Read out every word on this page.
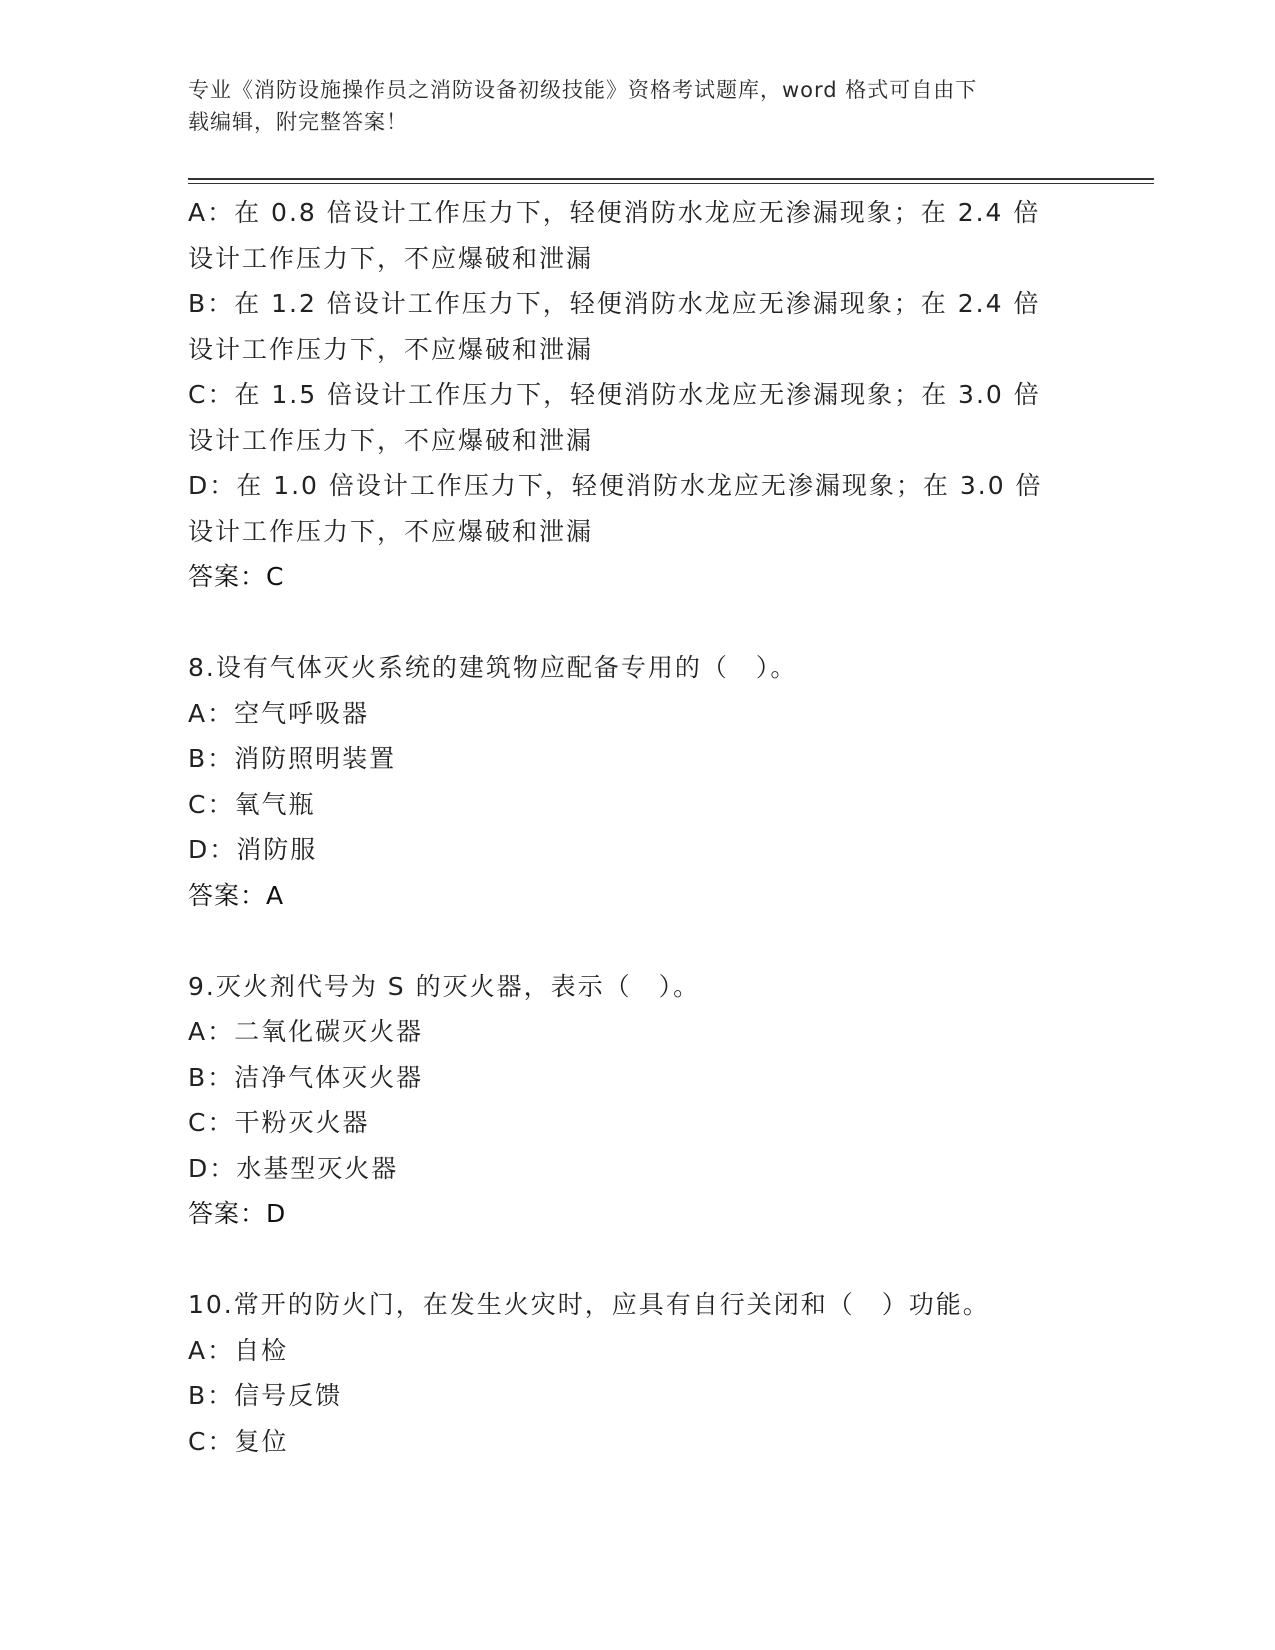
专业《消防设施操作员之消防设备初级技能》资格考试题库，word 格式可自由下
载编辑，附完整答案！
A：在 0.8 倍设计工作压力下，轻便消防水龙应无渗漏现象；在 2.4 倍
设计工作压力下，不应爆破和泄漏
B：在 1.2 倍设计工作压力下，轻便消防水龙应无渗漏现象；在 2.4 倍
设计工作压力下，不应爆破和泄漏
C：在 1.5 倍设计工作压力下，轻便消防水龙应无渗漏现象；在 3.0 倍
设计工作压力下，不应爆破和泄漏
D：在 1.0 倍设计工作压力下，轻便消防水龙应无渗漏现象；在 3.0 倍
设计工作压力下，不应爆破和泄漏
答案：C
8.设有气体灭火系统的建筑物应配备专用的（　）。
A：空气呼吸器
B：消防照明装置
C：氧气瓶
D：消防服
答案：A
9.灭火剂代号为 S 的灭火器，表示（　）。
A：二氧化碳灭火器
B：洁净气体灭火器
C：干粉灭火器
D：水基型灭火器
答案：D
10.常开的防火门，在发生火灾时，应具有自行关闭和（　）功能。
A：自检
B：信号反馈
C：复位
